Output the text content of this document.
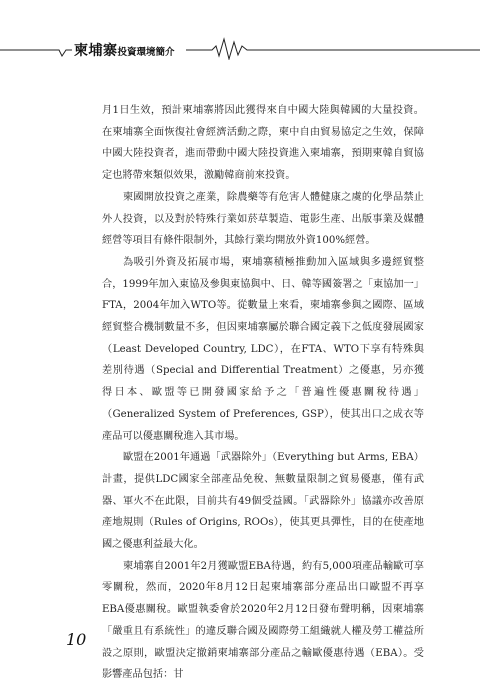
柬埔寨投資環境簡介

月1日生效，預計柬埔寨將因此獲得來自中國大陸與韓國的大量投資。在柬埔寨全面恢復社會經濟活動之際，柬中自由貿易協定之生效，保障中國大陸投資者，進而帶動中國大陸投資進入柬埔寨，預期柬韓自貿協定也將帶來類似效果，激勵韓商前來投資。

柬國開放投資之產業，除農藥等有危害人體健康之虞的化學品禁止外人投資，以及對於特殊行業如菸草製造、電影生產、出版事業及媒體經營等項目有條件限制外，其餘行業均開放外資100%經營。

為吸引外資及拓展市場，柬埔寨積極推動加入區域與多邊經貿整合，1999年加入東協及參與東協與中、日、韓等國簽署之「東協加一」FTA，2004年加入WTO等。從數量上來看，柬埔寨參與之國際、區域經貿整合機制數量不多，但因柬埔寨屬於聯合國定義下之低度發展國家（Least Developed Country, LDC），在FTA、WTO下享有特殊與差別待遇（Special and Differential Treatment）之優惠，另亦獲得日本、歐盟等已開發國家給予之「普遍性優惠關稅待遇」（Generalized System of Preferences, GSP），使其出口之成衣等產品可以優惠關稅進入其市場。

歐盟在2001年通過「武器除外」（Everything but Arms, EBA）計畫，提供LDC國家全部產品免稅、無數量限制之貿易優惠，僅有武器、軍火不在此限，目前共有49個受益國。「武器除外」協議亦改善原產地規則（Rules of Origins, ROOs），使其更具彈性，目的在使產地國之優惠利益最大化。

柬埔寨自2001年2月獲歐盟EBA待遇，約有5,000項產品輸歐可享零關稅，然而，2020年8月12日起柬埔寨部分產品出口歐盟不再享EBA優惠關稅。歐盟執委會於2020年2月12日發布聲明稱，因柬埔寨「嚴重且有系統性」的違反聯合國及國際勞工組織就人權及勞工權益所設之原則，歐盟決定撤銷柬埔寨部分產品之輸歐優惠待遇（EBA）。受影響產品包括：甘

10
